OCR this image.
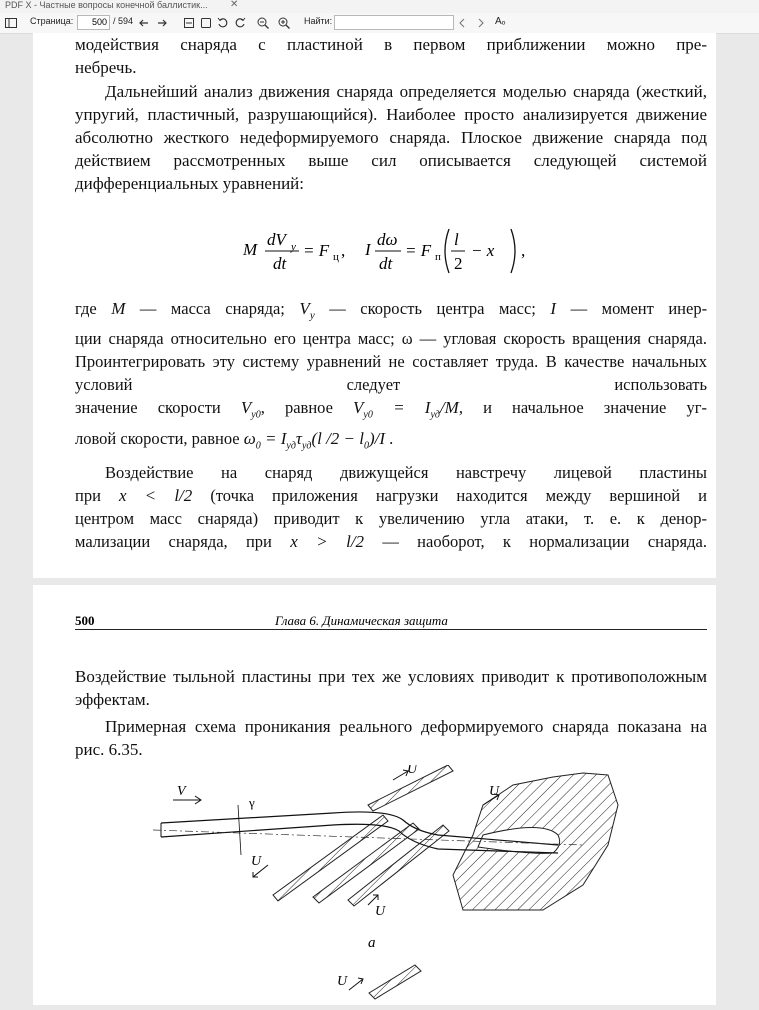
PDF X - Частные вопросы конечной баллистик... ✕
Страница:
500	/ 594	Найти:	Aₒ

модействия снаряда с пластиной в первом приближении можно пре-

небречь.

Дальнейший анализ движения снаряда определяется моделью снаряда (жесткий, упругий, пластичный, разрушающийся). Наиболее просто анализируется движение абсолютно жесткого недеформируемого снаряда. Плоское движение снаряда под действием рассмотренных выше сил описывается следующей системой дифференциальных уравнений:

M
dV y
dt
= F ц , I
dω
dt
= F п
l
2
− x ,

где M — масса снаряда; $V_y$ — скорость центра масс; I — момент инер-

ции снаряда относительно его центра масс; ω — угловая скорость вращения снаряда. Проинтегрировать эту систему уравнений не составляет труда. В качестве начальных условий следует использовать

значение скорости $V_{y0}$, равное $V_{y0} = I_{уд}/M$, и начальное значение уг-

ловой скорости, равное $\omega_0 = I_{уд}\tau_{уд}(l$ $/2 - l_0)/I$ .

Воздействие на снаряд движущейся навстречу лицевой пластины

при x < l/2 (точка приложения нагрузки находится между вершиной и

центром масс снаряда) приводит к увеличению угла атаки, т. е. к денор-

мализации снаряда, при x > l/2 — наоборот, к нормализации снаряда.

500	Глава 6. Динамическая защита

Воздействие тыльной пластины при тех же условиях приводит к противоположным эффектам.

Примерная схема проникания реального деформируемого снаряда показана на рис. 6.35.

V
γ
U
U
U
U
а
U
